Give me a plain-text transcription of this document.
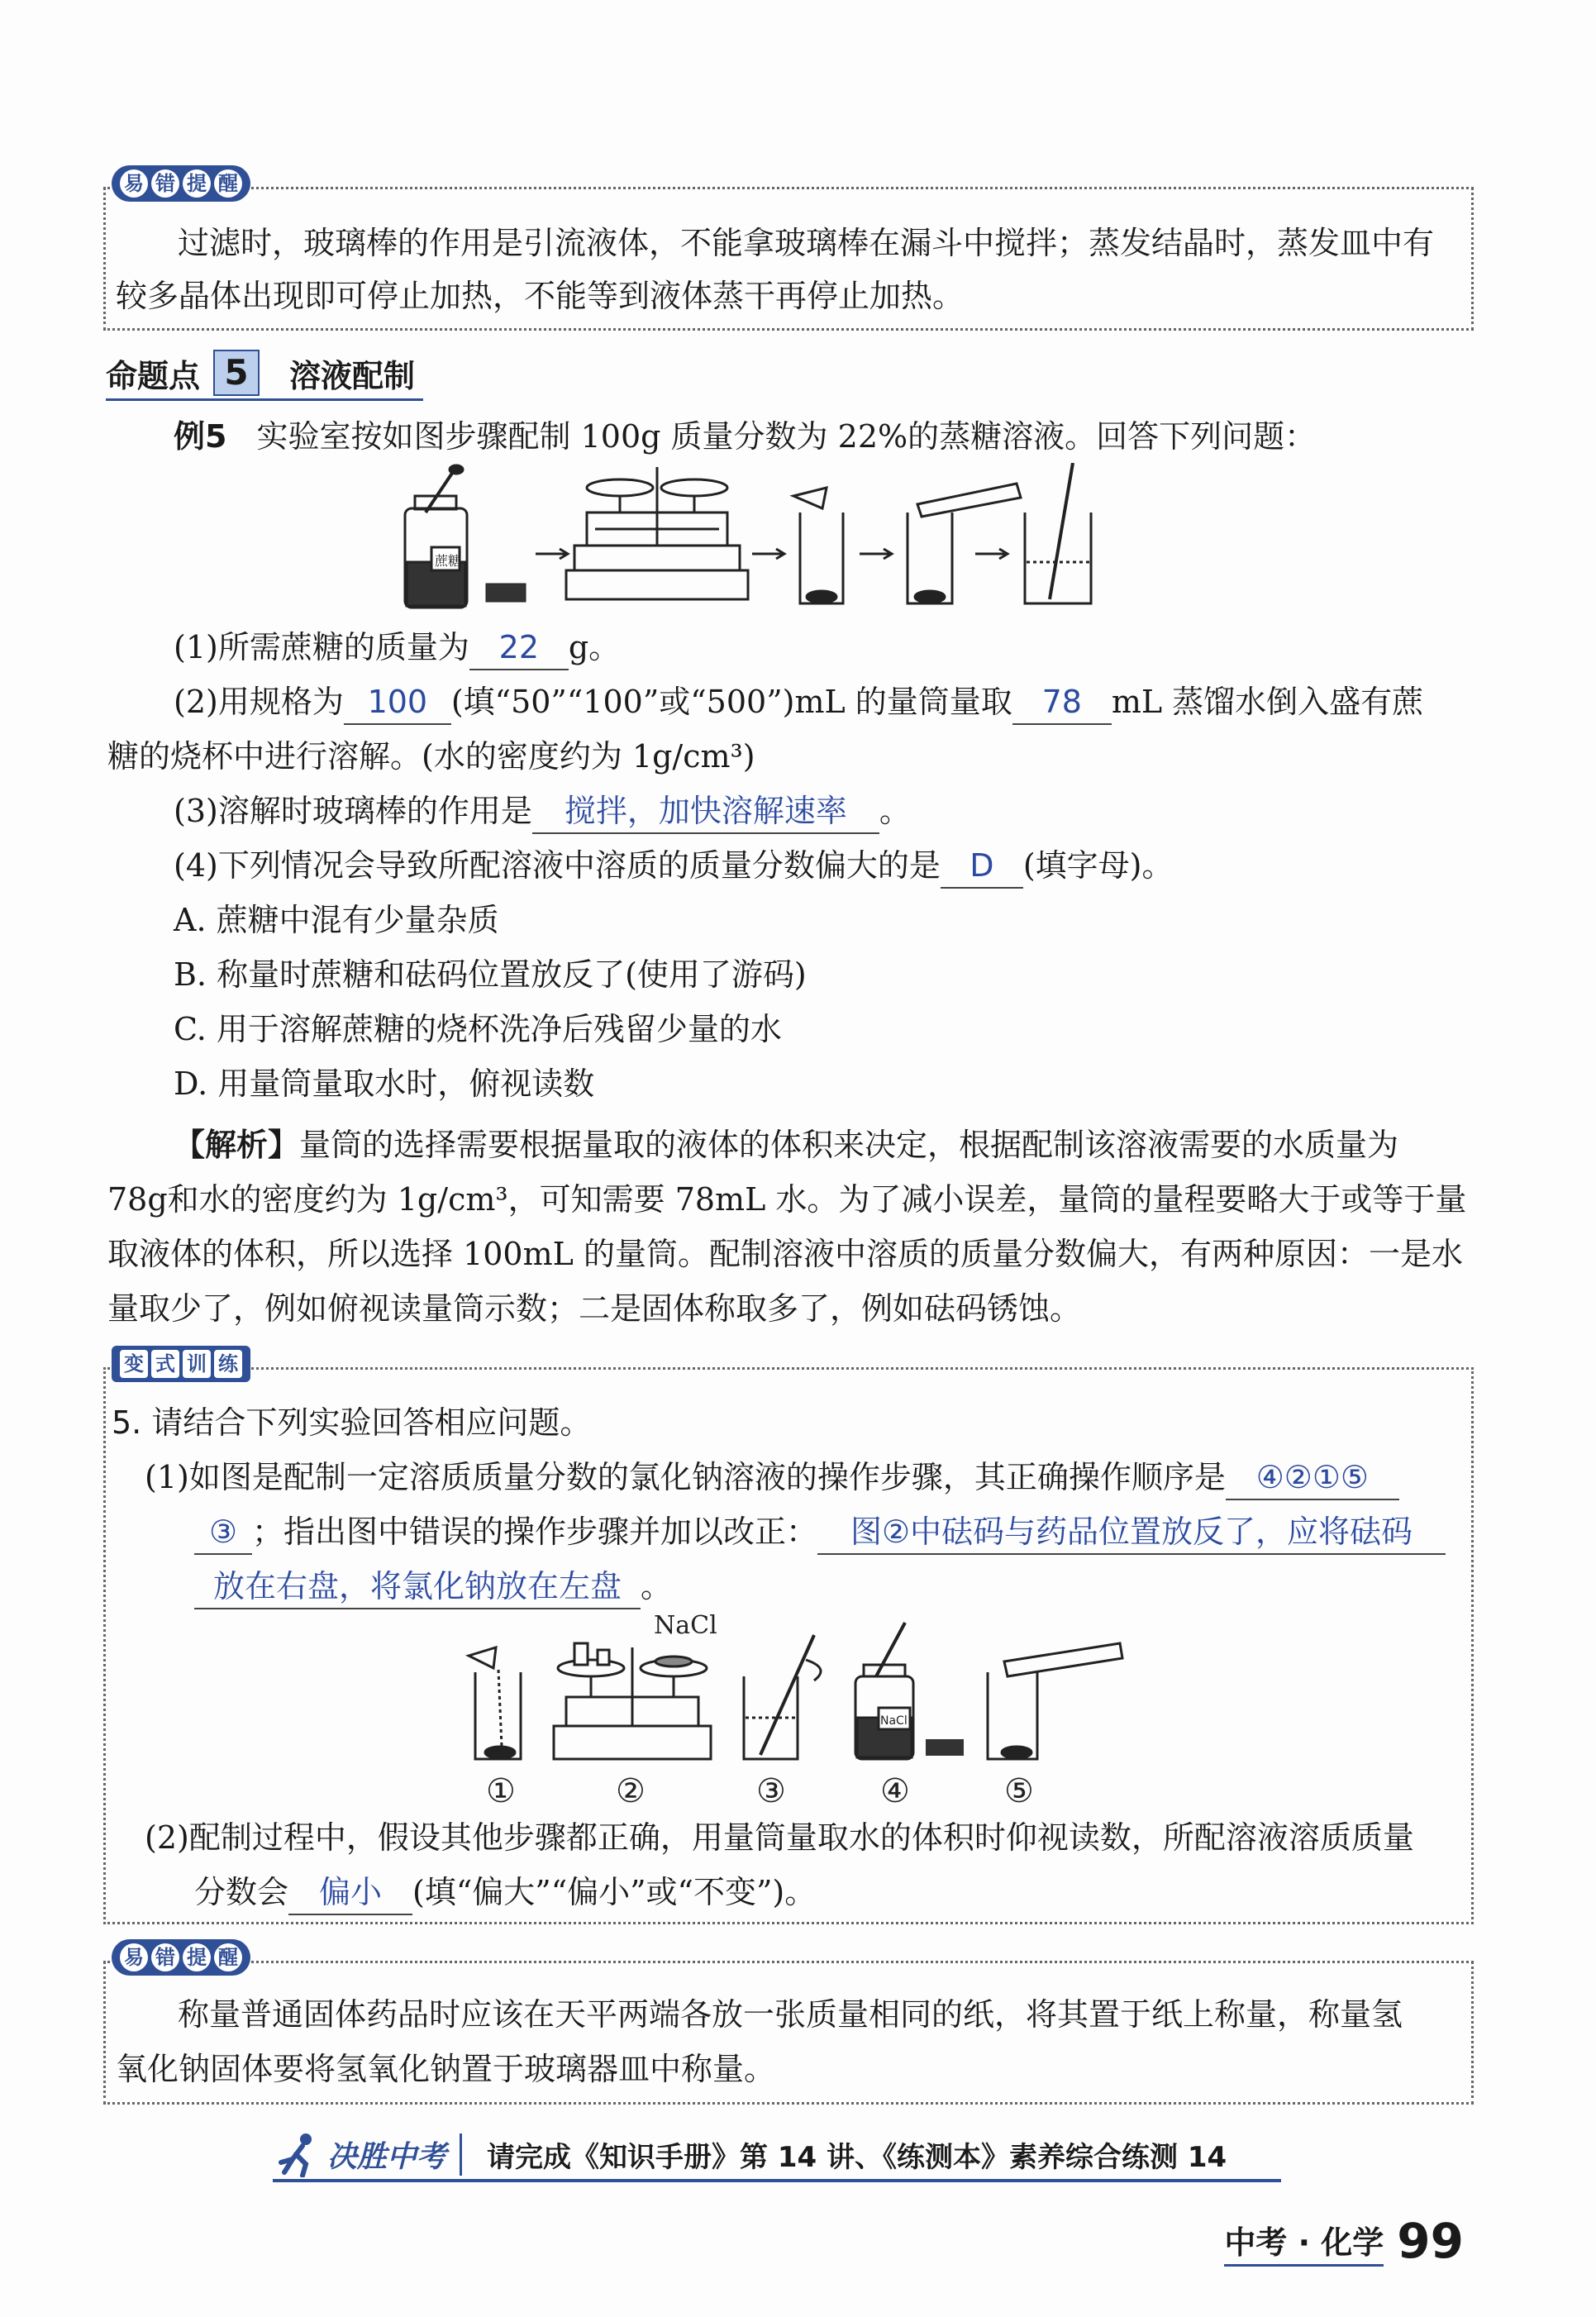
易 错 提 醒
过滤时，玻璃棒的作用是引流液体，不能拿玻璃棒在漏斗中搅拌；蒸发结晶时，蒸发皿中有
较多晶体出现即可停止加热，不能等到液体蒸干再停止加热。
命题点 5	溶液配制
例5 实验室按如图步骤配制 100g 质量分数为 22%的蒸糖溶液。回答下列问题：
蔗糖
(1)所需蔗糖的质量为 22 g。
(2)用规格为 100 (填“50”“100”或“500”)mL 的量筒量取 78 mL 蒸馏水倒入盛有蔗
糖的烧杯中进行溶解。(水的密度约为 1g/cm³)
(3)溶解时玻璃棒的作用是 搅拌，加快溶解速率 。
(4)下列情况会导致所配溶液中溶质的质量分数偏大的是 D (填字母)。
A. 蔗糖中混有少量杂质
B. 称量时蔗糖和砝码位置放反了(使用了游码)
C. 用于溶解蔗糖的烧杯洗净后残留少量的水
D. 用量筒量取水时，俯视读数
【解析】量筒的选择需要根据量取的液体的体积来决定，根据配制该溶液需要的水质量为
78g和水的密度约为 1g/cm³，可知需要 78mL 水。为了减小误差，量筒的量程要略大于或等于量
取液体的体积，所以选择 100mL 的量筒。配制溶液中溶质的质量分数偏大，有两种原因：一是水
量取少了，例如俯视读量筒示数；二是固体称取多了，例如砝码锈蚀。
变 式 训 练
5. 请结合下列实验回答相应问题。
(1)如图是配制一定溶质质量分数的氯化钠溶液的操作步骤，其正确操作顺序是 ④②①⑤
③ ；指出图中错误的操作步骤并加以改正： 图②中砝码与药品位置放反了，应将砝码
放在右盘，将氯化钠放在左盘 。
NaCl
NaCl
①	②	③	④	⑤
(2)配制过程中，假设其他步骤都正确，用量筒量取水的体积时仰视读数，所配溶液溶质质量
分数会 偏小 (填“偏大”“偏小”或“不变”)。
易 错 提 醒
称量普通固体药品时应该在天平两端各放一张质量相同的纸，将其置于纸上称量，称量氢
氧化钠固体要将氢氧化钠置于玻璃器皿中称量。
决胜中考	请完成《知识手册》第 14 讲、《练测本》素养综合练测 14
中考 · 化学 99
